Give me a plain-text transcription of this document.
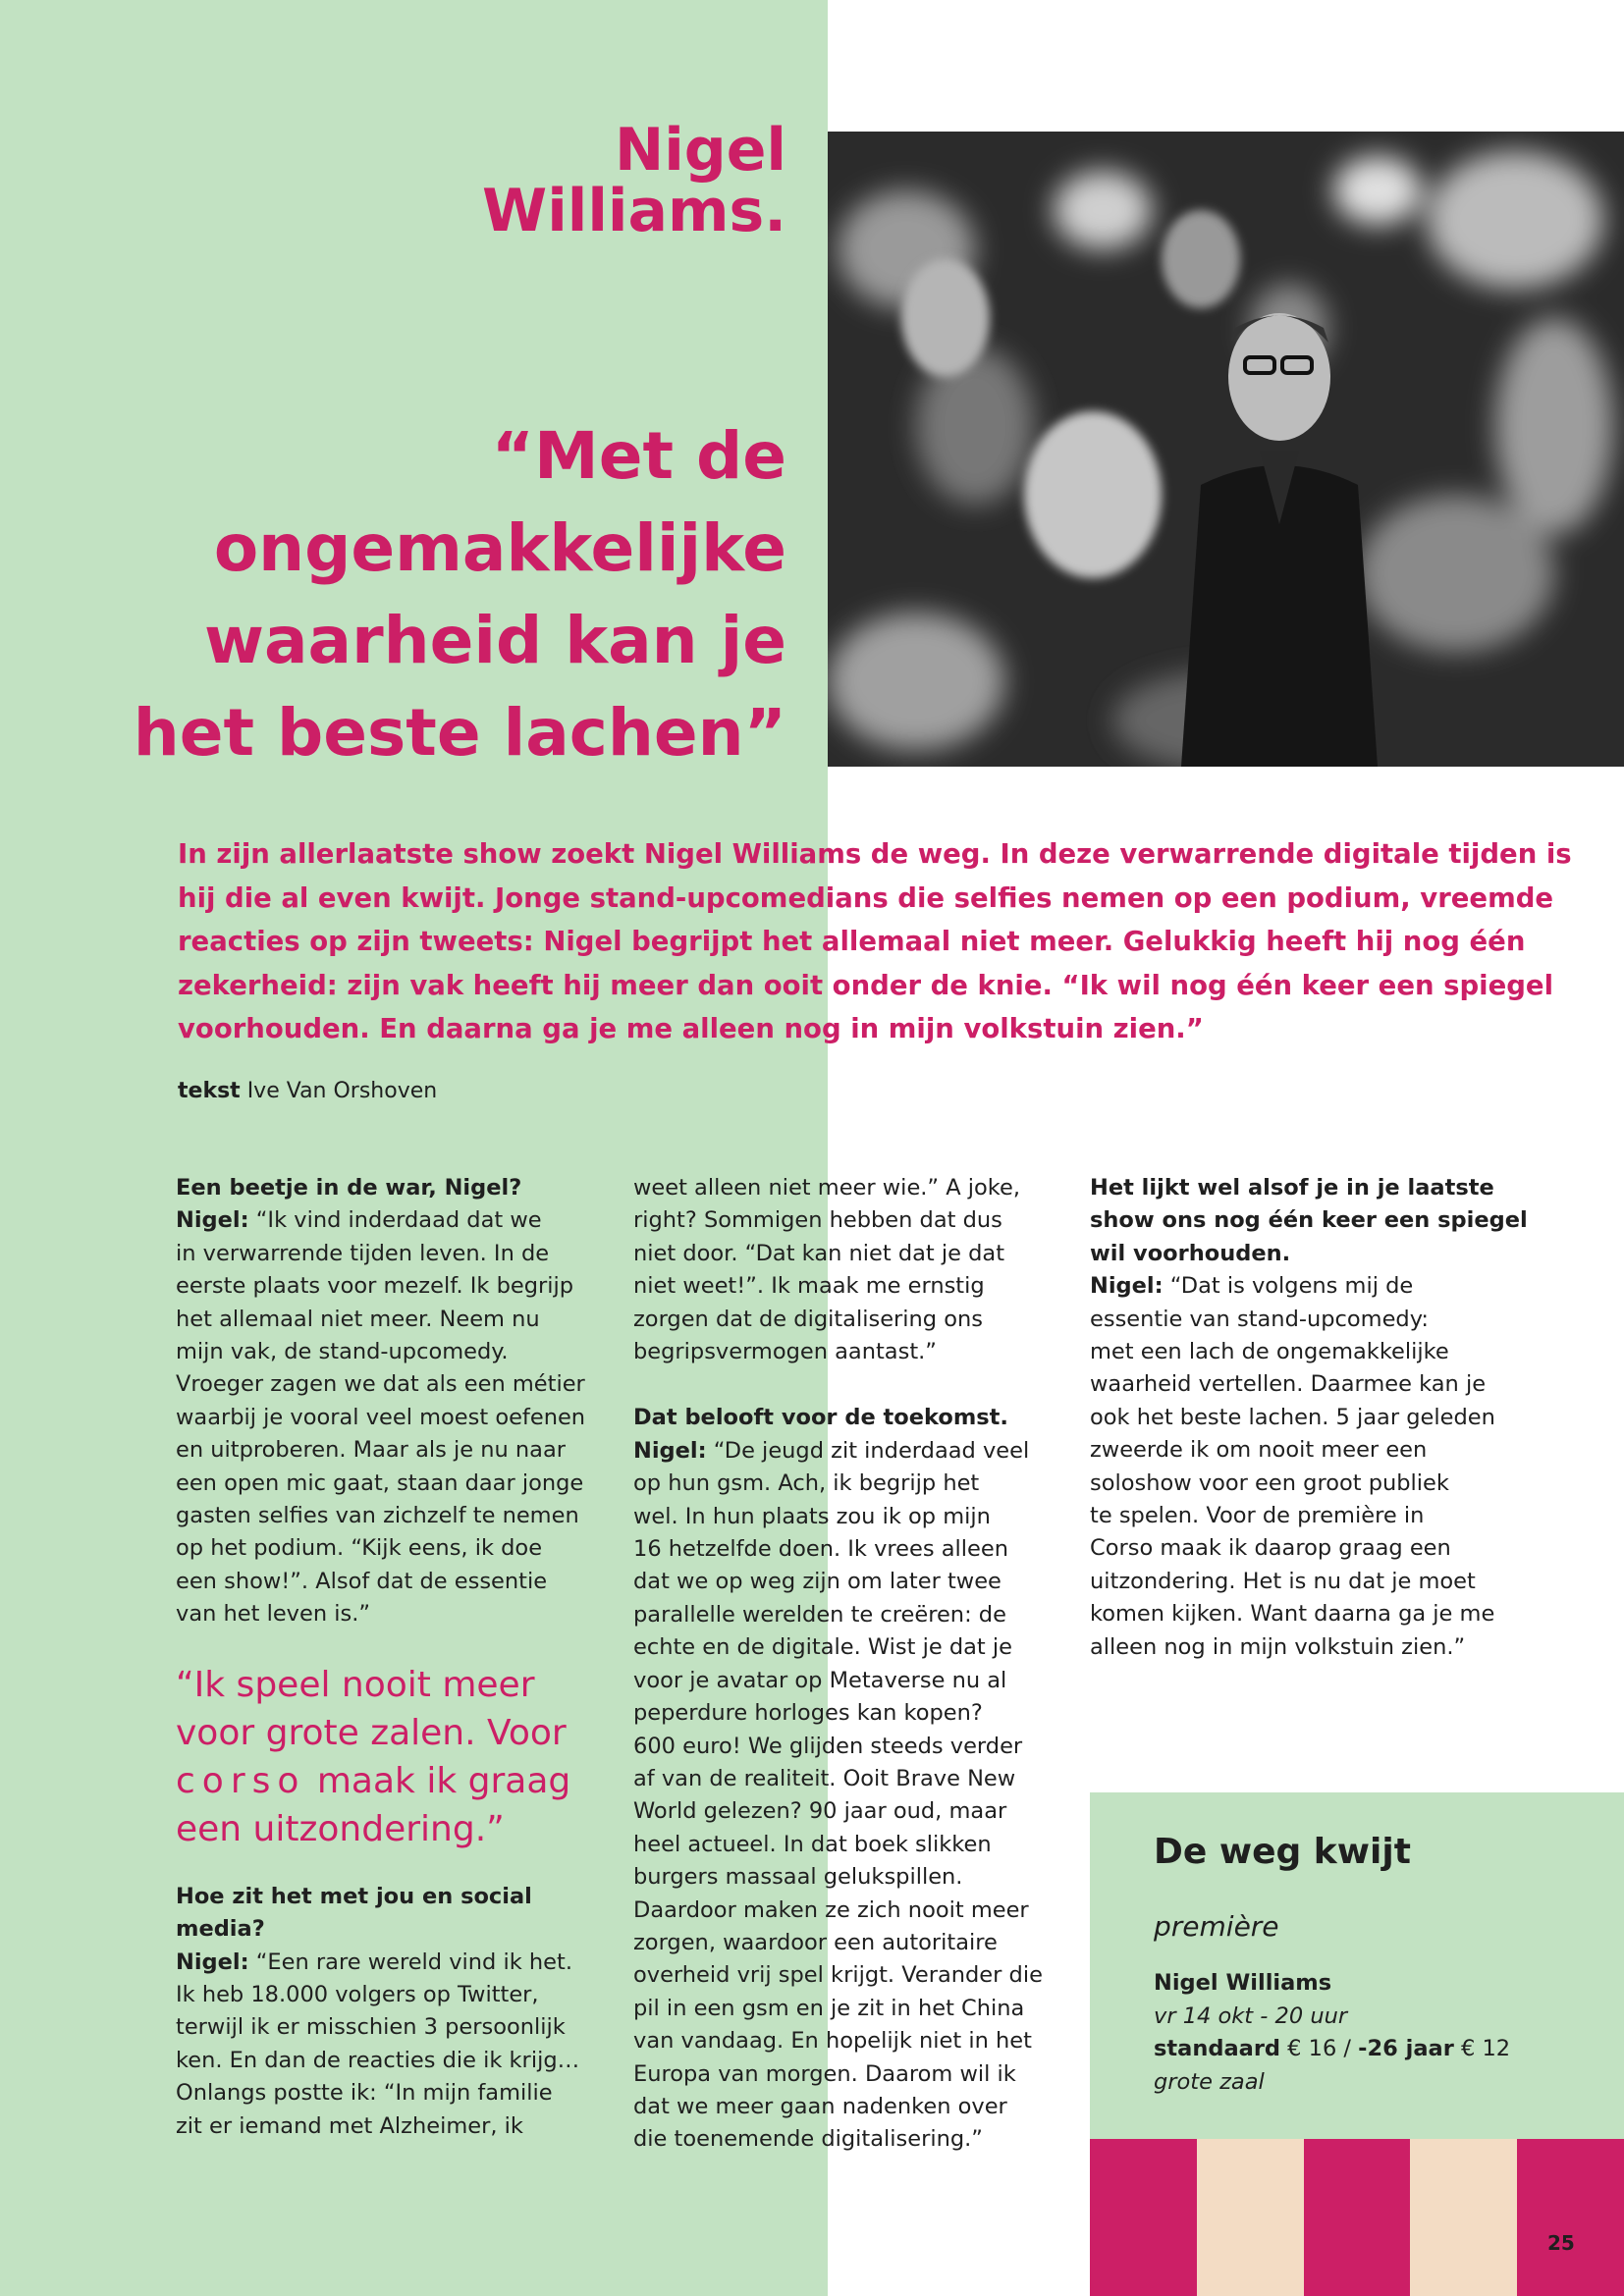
Nigel
Williams.
“Met de
ongemakkelijke
waarheid kan je
het beste lachen”
In zijn allerlaatste show zoekt Nigel Williams de weg. In deze verwarrende digitale tijden is
hij die al even kwijt. Jonge stand-upcomedians die selfies nemen op een podium, vreemde
reacties op zijn tweets: Nigel begrijpt het allemaal niet meer. Gelukkig heeft hij nog één
zekerheid: zijn vak heeft hij meer dan ooit onder de knie. “Ik wil nog één keer een spiegel
voorhouden. En daarna ga je me alleen nog in mijn volkstuin zien.”
tekst Ive Van Orshoven
Een beetje in de war, Nigel?
Nigel: “Ik vind inderdaad dat we
in verwarrende tijden leven. In de
eerste plaats voor mezelf. Ik begrijp
het allemaal niet meer. Neem nu
mijn vak, de stand-upcomedy.
Vroeger zagen we dat als een métier
waarbij je vooral veel moest oefenen
en uitproberen. Maar als je nu naar
een open mic gaat, staan daar jonge
gasten selfies van zichzelf te nemen
op het podium. “Kijk eens, ik doe
een show!”. Alsof dat de essentie
van het leven is.”
“Ik speel nooit meer
voor grote zalen. Voor
corso maak ik graag
een uitzondering.”
Hoe zit het met jou en social
media?
Nigel: “Een rare wereld vind ik het.
Ik heb 18.000 volgers op Twitter,
terwijl ik er misschien 3 persoonlijk
ken. En dan de reacties die ik krijg…
Onlangs postte ik: “In mijn familie
zit er iemand met Alzheimer, ik
weet alleen niet meer wie.” A joke,
right? Sommigen hebben dat dus
niet door. “Dat kan niet dat je dat
niet weet!”. Ik maak me ernstig
zorgen dat de digitalisering ons
begripsvermogen aantast.”
Dat belooft voor de toekomst.
Nigel: “De jeugd zit inderdaad veel
op hun gsm. Ach, ik begrijp het
wel. In hun plaats zou ik op mijn
16 hetzelfde doen. Ik vrees alleen
dat we op weg zijn om later twee
parallelle werelden te creëren: de
echte en de digitale. Wist je dat je
voor je avatar op Metaverse nu al
peperdure horloges kan kopen?
600 euro! We glijden steeds verder
af van de realiteit. Ooit Brave New
World gelezen? 90 jaar oud, maar
heel actueel. In dat boek slikken
burgers massaal gelukspillen.
Daardoor maken ze zich nooit meer
zorgen, waardoor een autoritaire
overheid vrij spel krijgt. Verander die
pil in een gsm en je zit in het China
van vandaag. En hopelijk niet in het
Europa van morgen. Daarom wil ik
dat we meer gaan nadenken over
die toenemende digitalisering.”
Het lijkt wel alsof je in je laatste
show ons nog één keer een spiegel
wil voorhouden.
Nigel: “Dat is volgens mij de
essentie van stand-upcomedy:
met een lach de ongemakkelijke
waarheid vertellen. Daarmee kan je
ook het beste lachen. 5 jaar geleden
zweerde ik om nooit meer een
soloshow voor een groot publiek
te spelen. Voor de première in
Corso maak ik daarop graag een
uitzondering. Het is nu dat je moet
komen kijken. Want daarna ga je me
alleen nog in mijn volkstuin zien.”
De weg kwijt
première
Nigel Williams
vr 14 okt - 20 uur
standaard € 16 / -26 jaar € 12
grote zaal
25
